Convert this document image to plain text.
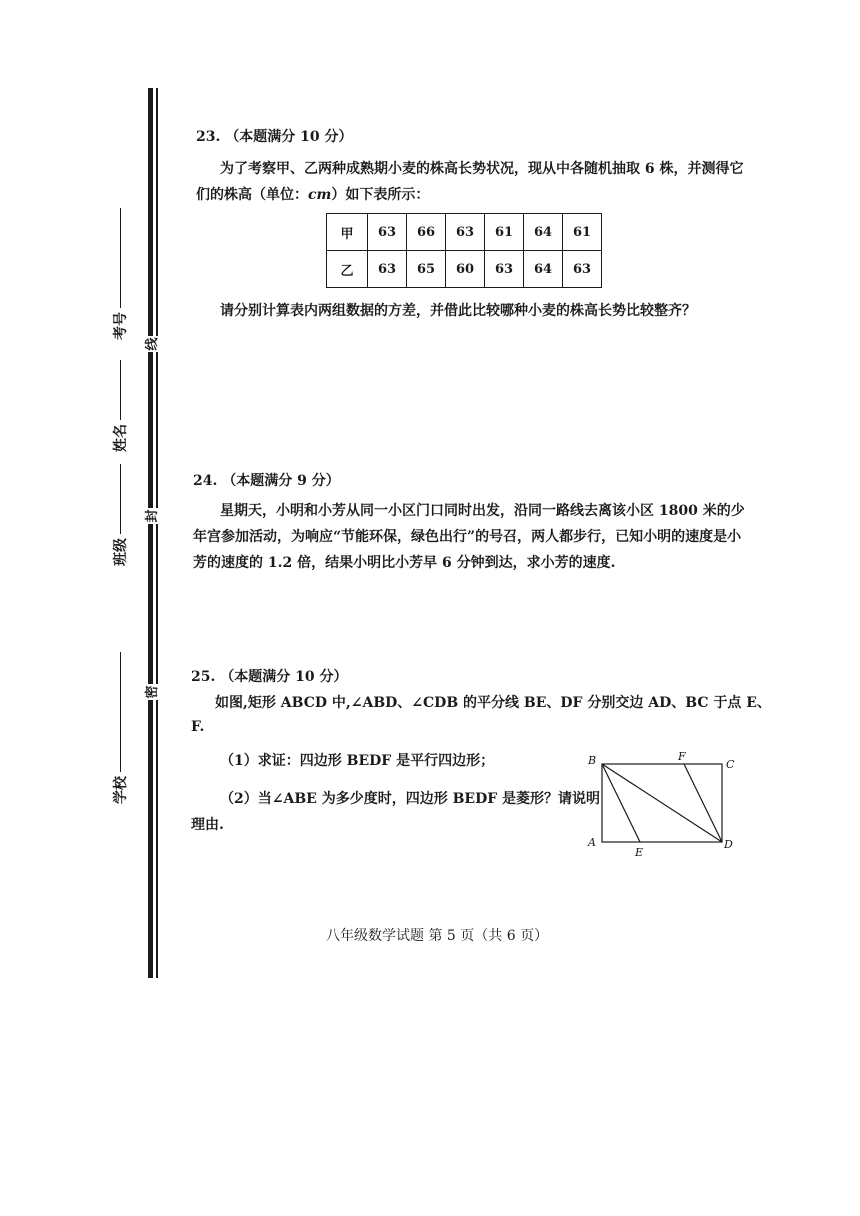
线
封
密
考号
姓名
班级
学校
23. （本题满分 10 分）
为了考察甲、乙两种成熟期小麦的株高长势状况，现从中各随机抽取 6 株，并测得它
们的株高（单位：cm）如下表所示：
甲	63	66	63	61	64	61
乙	63	65	60	63	64	63
请分别计算表内两组数据的方差，并借此比较哪种小麦的株高长势比较整齐？
24. （本题满分 9 分）
星期天，小明和小芳从同一小区门口同时出发，沿同一路线去离该小区 1800 米的少
年宫参加活动，为响应“节能环保，绿色出行”的号召，两人都步行，已知小明的速度是小
芳的速度的 1.2 倍，结果小明比小芳早 6 分钟到达，求小芳的速度.
25. （本题满分 10 分）
如图,矩形 ABCD 中,∠ABD、∠CDB 的平分线 BE、DF 分别交边 AD、BC 于点 E、
F.
（1）求证：四边形 BEDF 是平行四边形；
（2）当∠ABE 为多少度时，四边形 BEDF 是菱形？请说明
理由.
B	F
C
A
E
D
八年级数学试题 第 5 页（共 6 页）
